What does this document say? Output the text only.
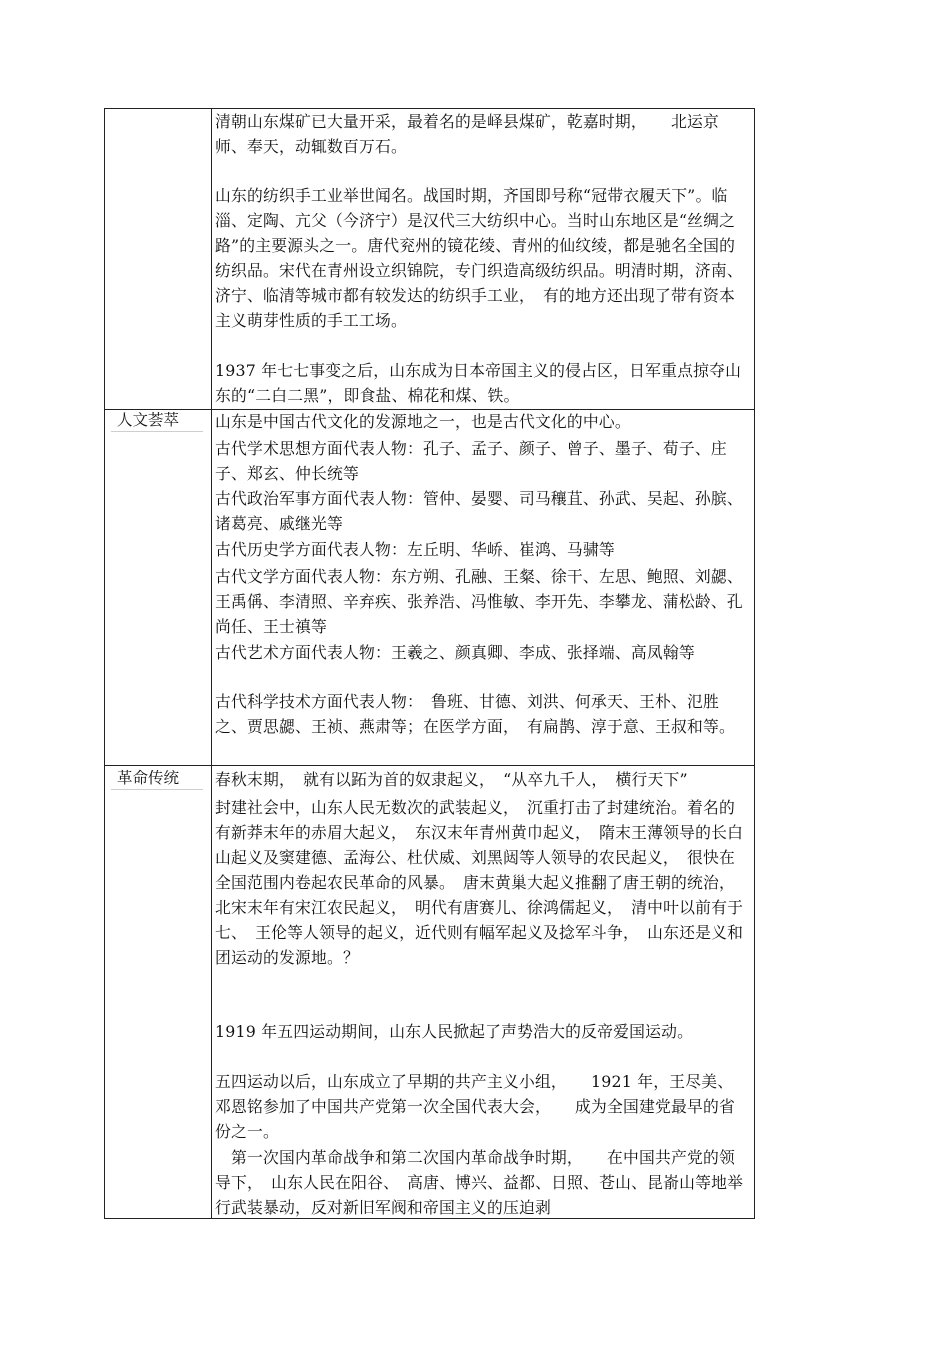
人文荟萃
革命传统
清朝山东煤矿已大量开采，最着名的是峄县煤矿，乾嘉时期，　　北运京师、奉天，动辄数百万石。
山东的纺织手工业举世闻名。战国时期，齐国即号称“冠带衣履天下”。临淄、定陶、亢父（今济宁）是汉代三大纺织中心。当时山东地区是“丝绸之路”的主要源头之一。唐代兖州的镜花绫、青州的仙纹绫，都是驰名全国的纺织品。宋代在青州设立织锦院，专门织造高级纺织品。明清时期，济南、济宁、临清等城市都有较发达的纺织手工业，　有的地方还出现了带有资本主义萌芽性质的手工工场。
1937 年七七事变之后，山东成为日本帝国主义的侵占区，日军重点掠夺山东的“二白二黑”，即食盐、棉花和煤、铁。
山东是中国古代文化的发源地之一，也是古代文化的中心。
古代学术思想方面代表人物：孔子、孟子、颜子、曾子、墨子、荀子、庄子、郑玄、仲长统等
古代政治军事方面代表人物：管仲、晏婴、司马穰苴、孙武、吴起、孙膑、诸葛亮、戚继光等
古代历史学方面代表人物：左丘明、华峤、崔鸿、马骕等
古代文学方面代表人物：东方朔、孔融、王粲、徐干、左思、鲍照、刘勰、王禹偁、李清照、辛弃疾、张养浩、冯惟敏、李开先、李攀龙、蒲松龄、孔尚任、王士禛等
古代艺术方面代表人物：王羲之、颜真卿、李成、张择端、高凤翰等
古代科学技术方面代表人物：　鲁班、甘德、刘洪、何承天、王朴、氾胜之、贾思勰、王祯、燕肃等；在医学方面，　有扁鹊、淳于意、王叔和等。
春秋末期，　就有以跖为首的奴隶起义，　“从卒九千人，　横行天下”
封建社会中，山东人民无数次的武装起义，　沉重打击了封建统治。着名的有新莽末年的赤眉大起义，　东汉末年青州黄巾起义，　隋末王薄领导的长白山起义及窦建德、孟海公、杜伏威、刘黑闼等人领导的农民起义，　很快在全国范围内卷起农民革命的风暴。　唐末黄巢大起义推翻了唐王朝的统治，　北宋末年有宋江农民起义，　明代有唐赛儿、徐鸿儒起义，　清中叶以前有于七、　王伦等人领导的起义，近代则有幅军起义及捻军斗争，　山东还是义和团运动的发源地。？
1919 年五四运动期间，山东人民掀起了声势浩大的反帝爱国运动。
五四运动以后，山东成立了早期的共产主义小组，　　1921 年，王尽美、邓恩铭参加了中国共产党第一次全国代表大会，　　成为全国建党最早的省份之一。
　第一次国内革命战争和第二次国内革命战争时期，　　在中国共产党的领导下，　山东人民在阳谷、　高唐、博兴、益都、日照、苍山、昆嵛山等地举行武装暴动，反对新旧军阀和帝国主义的压迫剥
